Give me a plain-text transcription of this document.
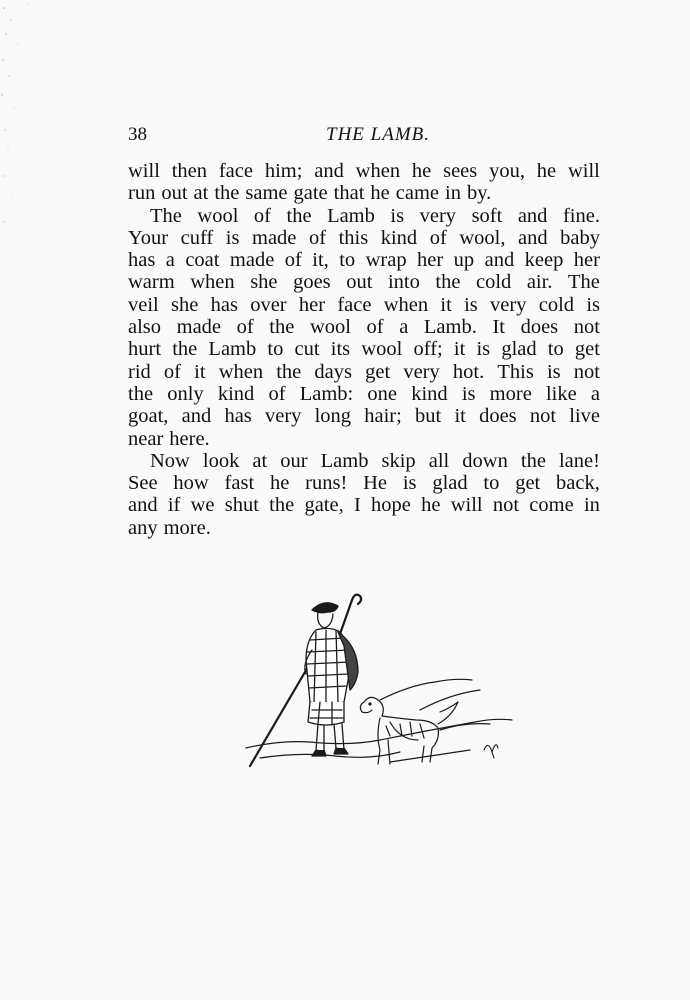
38	THE LAMB.
will then face him; and when he sees you, he will
run out at the same gate that he came in by.
The wool of the Lamb is very soft and fine.
Your cuff is made of this kind of wool, and baby
has a coat made of it, to wrap her up and keep her
warm when she goes out into the cold air. The
veil she has over her face when it is very cold is
also made of the wool of a Lamb. It does not
hurt the Lamb to cut its wool off; it is glad to get
rid of it when the days get very hot. This is not
the only kind of Lamb: one kind is more like a
goat, and has very long hair; but it does not live
near here.
Now look at our Lamb skip all down the lane!
See how fast he runs! He is glad to get back,
and if we shut the gate, I hope he will not come in
any more.
